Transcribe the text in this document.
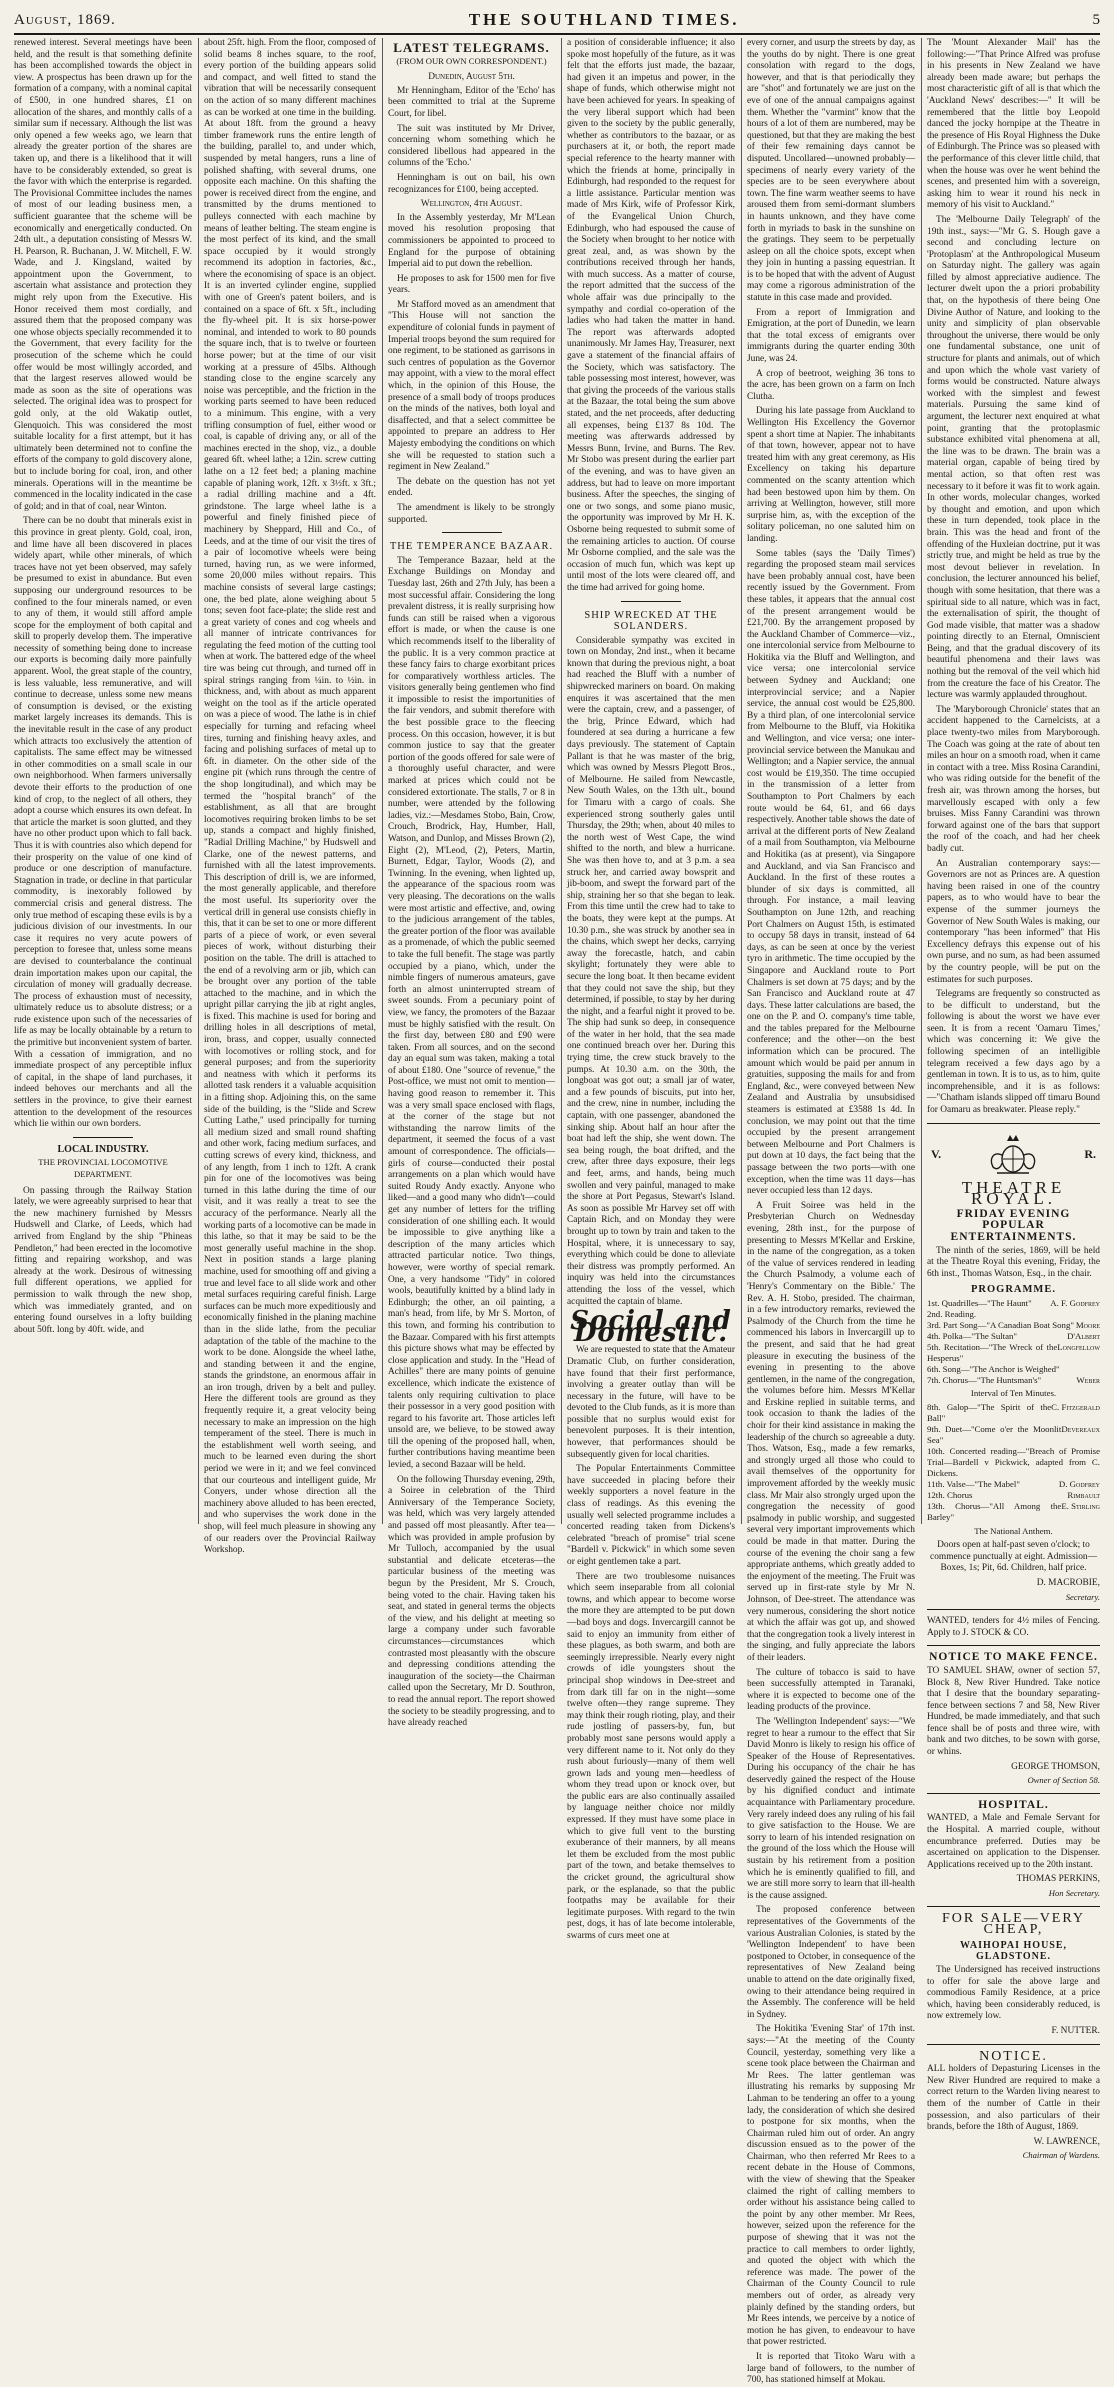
August, 1869.	THE SOUTHLAND TIMES.	5

renewed interest. Several meetings have been held, and the result is that something definite has been accomplished towards the object in view. A prospectus has been drawn up for the formation of a company, with a nominal capital of £500, in one hundred shares, £1 on allocation of the shares, and monthly calls of a similar sum if necessary. Although the list was only opened a few weeks ago, we learn that already the greater portion of the shares are taken up, and there is a likelihood that it will have to be considerably extended, so great is the favor with which the enterprise is regarded. The Provisional Committee includes the names of most of our leading business men, a sufficient guarantee that the scheme will be economically and energetically conducted. On 24th ult., a deputation consisting of Messrs W. H. Pearson, R. Buchanan, J. W. Mitchell, F. W. Wade, and J. Kingsland, waited by appointment upon the Government, to ascertain what assistance and protection they might rely upon from the Executive. His Honor received them most cordially, and assured them that the proposed company was one whose objects specially recommended it to the Government, that every facility for the prosecution of the scheme which he could offer would be most willingly accorded, and that the largest reserves allowed would be made as soon as the site of operations was selected. The original idea was to prospect for gold only, at the old Wakatip outlet, Glenquoich. This was considered the most suitable locality for a first attempt, but it has ultimately been determined not to confine the efforts of the company to gold discovery alone, but to include boring for coal, iron, and other minerals. Operations will in the meantime be commenced in the locality indicated in the case of gold; and in that of coal, near Winton.

There can be no doubt that minerals exist in this province in great plenty. Gold, coal, iron, and lime have all been discovered in places widely apart, while other minerals, of which traces have not yet been observed, may safely be presumed to exist in abundance. But even supposing our underground resources to be confined to the four minerals named, or even to any of them, it would still afford ample scope for the employment of both capital and skill to properly develop them. The imperative necessity of something being done to increase our exports is becoming daily more painfully apparent. Wool, the great staple of the country, is less valuable, less remunerative, and will continue to decrease, unless some new means of consumption is devised, or the existing market largely increases its demands. This is the inevitable result in the case of any product which attracts too exclusively the attention of capitalists. The same effect may be witnessed in other commodities on a small scale in our own neighborhood. When farmers universally devote their efforts to the production of one kind of crop, to the neglect of all others, they adopt a course which ensures its own defeat. In that article the market is soon glutted, and they have no other product upon which to fall back. Thus it is with countries also which depend for their prosperity on the value of one kind of produce or one description of manufacture. Stagnation in trade, or decline in that particular commodity, is inexorably followed by commercial crisis and general distress. The only true method of escaping these evils is by a judicious division of our investments. In our case it requires no very acute powers of perception to foresee that, unless some means are devised to counterbalance the continual drain importation makes upon our capital, the circulation of money will gradually decrease. The process of exhaustion must of necessity, ultimately reduce us to absolute distress; or a rude existence upon such of the necessaries of life as may be locally obtainable by a return to the primitive but inconvenient system of barter. With a cessation of immigration, and no immediate prospect of any perceptible influx of capital, in the shape of land purchases, it indeed behoves our merchants and all the settlers in the province, to give their earnest attention to the development of the resources which lie within our own borders.

LOCAL INDUSTRY.
THE PROVINCIAL LOCOMOTIVE DEPARTMENT.

On passing through the Railway Station lately, we were agreeably surprised to hear that the new machinery furnished by Messrs Hudswell and Clarke, of Leeds, which had arrived from England by the ship "Phineas Pendleton," had been erected in the locomotive fitting and repairing workshop, and was already at the work. Desirous of witnessing full different operations, we applied for permission to walk through the new shop, which was immediately granted, and on entering found ourselves in a lofty building about 50ft. long by 40ft. wide, and

about 25ft. high. From the floor, composed of solid beams 8 inches square, to the roof, every portion of the building appears solid and compact, and well fitted to stand the vibration that will be necessarily consequent on the action of so many different machines as can be worked at one time in the building. At about 18ft. from the ground a heavy timber framework runs the entire length of the building, parallel to, and under which, suspended by metal hangers, runs a line of polished shafting, with several drums, one opposite each machine. On this shafting the power is received direct from the engine, and transmitted by the drums mentioned to pulleys connected with each machine by means of leather belting. The steam engine is the most perfect of its kind, and the small space occupied by it would strongly recommend its adoption in factories, &c., where the economising of space is an object. It is an inverted cylinder engine, supplied with one of Green's patent boilers, and is contained on a space of 6ft. x 5ft., including the fly-wheel pit. It is six horse-power nominal, and intended to work to 80 pounds the square inch, that is to twelve or fourteen horse power; but at the time of our visit working at a pressure of 45lbs. Although standing close to the engine scarcely any noise was perceptible, and the friction in the working parts seemed to have been reduced to a minimum. This engine, with a very trifling consumption of fuel, either wood or coal, is capable of driving any, or all of the machines erected in the shop, viz., a double geared 6ft. wheel lathe; a 12in. screw cutting lathe on a 12 feet bed; a planing machine capable of planing work, 12ft. x 3½ft. x 3ft.; a radial drilling machine and a 4ft. grindstone. The large wheel lathe is a powerful and finely finished piece of machinery by Sheppard, Hill and Co., of Leeds, and at the time of our visit the tires of a pair of locomotive wheels were being turned, having run, as we were informed, some 20,000 miles without repairs. This machine consists of several large castings; one, the bed plate, alone weighing about 5 tons; seven foot face-plate; the slide rest and a great variety of cones and cog wheels and all manner of intricate contrivances for regulating the feed motion of the cutting tool when at work. The battered edge of the wheel tire was being cut through, and turned off in spiral strings ranging from ¼in. to ½in. in thickness, and, with about as much apparent weight on the tool as if the article operated on was a piece of wood. The lathe is in chief especially for turning and refacing wheel tires, turning and finishing heavy axles, and facing and polishing surfaces of metal up to 6ft. in diameter. On the other side of the engine pit (which runs through the centre of the shop longitudinal), and which may be termed the "hospital branch" of the establishment, as all that are brought locomotives requiring broken limbs to be set up, stands a compact and highly finished, "Radial Drilling Machine," by Hudswell and Clarke, one of the newest patterns, and furnished with all the latest improvements. This description of drill is, we are informed, the most generally applicable, and therefore the most useful. Its superiority over the vertical drill in general use consists chiefly in this, that it can be set to one or more different parts of a piece of work, or even several pieces of work, without disturbing their position on the table. The drill is attached to the end of a revolving arm or jib, which can be brought over any portion of the table attached to the machine, and in which the upright pillar carrying the jib at right angles, is fixed. This machine is used for boring and drilling holes in all descriptions of metal, iron, brass, and copper, usually connected with locomotives or rolling stock, and for general purposes; and from the superiority and neatness with which it performs its allotted task renders it a valuable acquisition in a fitting shop. Adjoining this, on the same side of the building, is the "Slide and Screw Cutting Lathe," used principally for turning all medium sized and small round shafting and other work, facing medium surfaces, and cutting screws of every kind, thickness, and of any length, from 1 inch to 12ft. A crank pin for one of the locomotives was being turned in this lathe during the time of our visit, and it was really a treat to see the accuracy of the performance. Nearly all the working parts of a locomotive can be made in this lathe, so that it may be said to be the most generally useful machine in the shop. Next in position stands a large planing machine, used for smoothing off and giving a true and level face to all slide work and other metal surfaces requiring careful finish. Large surfaces can be much more expeditiously and economically finished in the planing machine than in the slide lathe, from the peculiar adaptation of the table of the machine to the work to be done. Alongside the wheel lathe, and standing between it and the engine, stands the grindstone, an enormous affair in an iron trough, driven by a belt and pulley. Here the different tools are ground as they frequently require it, a great velocity being necessary to make an impression on the high temperament of the steel. There is much in the establishment well worth seeing, and much to be learned even during the short period we were in it; and we feel convinced that our courteous and intelligent guide, Mr Conyers, under whose direction all the machinery above alluded to has been erected, and who supervises the work done in the shop, will feel much pleasure in showing any of our readers over the Provincial Railway Workshop.

LATEST TELEGRAMS.
(FROM OUR OWN CORRESPONDENT.)
Dunedin, August 5th.

Mr Henningham, Editor of the 'Echo' has been committed to trial at the Supreme Court, for libel.

The suit was instituted by Mr Driver, concerning whom something which he considered libellous had appeared in the columns of the 'Echo.'

Henningham is out on bail, his own recognizances for £100, being accepted.

Wellington, 4th August.

In the Assembly yesterday, Mr M'Lean moved his resolution proposing that commissioners be appointed to proceed to England for the purpose of obtaining Imperial aid to put down the rebellion.

He proposes to ask for 1500 men for five years.

Mr Stafford moved as an amendment that "This House will not sanction the expenditure of colonial funds in payment of Imperial troops beyond the sum required for one regiment, to be stationed as garrisons in such centres of population as the Governor may appoint, with a view to the moral effect which, in the opinion of this House, the presence of a small body of troops produces on the minds of the natives, both loyal and disaffected, and that a select committee be appointed to prepare an address to Her Majesty embodying the conditions on which she will be requested to station such a regiment in New Zealand."

The debate on the question has not yet ended.

The amendment is likely to be strongly supported.

THE TEMPERANCE BAZAAR.

The Temperance Bazaar, held at the Exchange Buildings on Monday and Tuesday last, 26th and 27th July, has been a most successful affair. Considering the long prevalent distress, it is really surprising how funds can still be raised when a vigorous effort is made, or when the cause is one which recommends itself to the liberality of the public. It is a very common practice at these fancy fairs to charge exorbitant prices for comparatively worthless articles. The visitors generally being gentlemen who find it impossible to resist the importunities of the fair vendors, and submit therefore with the best possible grace to the fleecing process. On this occasion, however, it is but common justice to say that the greater portion of the goods offered for sale were of a thoroughly useful character, and were marked at prices which could not be considered extortionate. The stalls, 7 or 8 in number, were attended by the following ladies, viz.:—Mesdames Stobo, Bain, Crow, Crouch, Brodrick, Hay, Humber, Hall, Watson, and Dunlop, and Misses Brown (2), Eight (2), M'Leod, (2), Peters, Martin, Burnett, Edgar, Taylor, Woods (2), and Twinning. In the evening, when lighted up, the appearance of the spacious room was very pleasing. The decorations on the walls were most artistic and effective, and, owing to the judicious arrangement of the tables, the greater portion of the floor was available as a promenade, of which the public seemed to take the full benefit. The stage was partly occupied by a piano, which, under the nimble fingers of numerous amateurs, gave forth an almost uninterrupted stream of sweet sounds. From a pecuniary point of view, we fancy, the promoters of the Bazaar must be highly satisfied with the result. On the first day, between £80 and £90 were taken. From all sources, and on the second day an equal sum was taken, making a total of about £180. One "source of revenue," the Post-office, we must not omit to mention—having good reason to remember it. This was a very small space enclosed with flags, at the corner of the stage but not withstanding the narrow limits of the department, it seemed the focus of a vast amount of correspondence. The officials—girls of course—conducted their postal arrangements on a plan which would have suited Roudy Andy exactly. Anyone who liked—and a good many who didn't—could get any number of letters for the trifling consideration of one shilling each. It would be impossible to give anything like a description of the many articles which attracted particular notice. Two things, however, were worthy of special remark. One, a very handsome "Tidy" in colored wools, beautifully knitted by a blind lady in Edinburgh; the other, an oil painting, a man's head, from life, by Mr S. Morton, of this town, and forming his contribution to the Bazaar. Compared with his first attempts this picture shows what may be effected by close application and study. In the "Head of Achilles" there are many points of genuine excellence, which indicate the existence of talents only requiring cultivation to place their possessor in a very good position with regard to his favorite art. Those articles left unsold are, we believe, to be stowed away till the opening of the proposed hall, when, further contributions having meantime been levied, a second Bazaar will be held.

On the following Thursday evening, 29th, a Soiree in celebration of the Third Anniversary of the Temperance Society, was held, which was very largely attended and passed off most pleasantly. After tea—which was provided in ample profusion by Mr Tulloch, accompanied by the usual substantial and delicate etceteras—the particular business of the meeting was begun by the President, Mr S. Crouch, being voted to the chair. Having taken his seat, and stated in general terms the objects of the view, and his delight at meeting so large a company under such favorable circumstances—circumstances which contrasted most pleasantly with the obscure and depressing conditions attending the inauguration of the society—the Chairman called upon the Secretary, Mr D. Southron, to read the annual report. The report showed the society to be steadily progressing, and to have already reached

a position of considerable influence; it also spoke most hopefully of the future, as it was felt that the efforts just made, the bazaar, had given it an impetus and power, in the shape of funds, which otherwise might not have been achieved for years. In speaking of the very liberal support which had been given to the society by the public generally, whether as contributors to the bazaar, or as purchasers at it, or both, the report made special reference to the hearty manner with which the friends at home, principally in Edinburgh, had responded to the request for a little assistance. Particular mention was made of Mrs Kirk, wife of Professor Kirk, of the Evangelical Union Church, Edinburgh, who had espoused the cause of the Society when brought to her notice with great zeal, and, as was shown by the contributions received through her hands, with much success. As a matter of course, the report admitted that the success of the whole affair was due principally to the sympathy and cordial co-operation of the ladies who had taken the matter in hand. The report was afterwards adopted unanimously. Mr James Hay, Treasurer, next gave a statement of the financial affairs of the Society, which was satisfactory. The table possessing most interest, however, was that giving the proceeds of the various stalls at the Bazaar, the total being the sum above stated, and the net proceeds, after deducting all expenses, being £137 8s 10d. The meeting was afterwards addressed by Messrs Bunn, Irvine, and Burns. The Rev. Mr Stobo was present during the earlier part of the evening, and was to have given an address, but had to leave on more important business. After the speeches, the singing of one or two songs, and some piano music, the opportunity was improved by Mr H. K. Osborne being requested to submit some of the remaining articles to auction. Of course Mr Osborne complied, and the sale was the occasion of much fun, which was kept up until most of the lots were cleared off, and the time had arrived for going home.

SHIP WRECKED AT THE SOLANDERS.

Considerable sympathy was excited in town on Monday, 2nd inst., when it became known that during the previous night, a boat had reached the Bluff with a number of shipwrecked mariners on board. On making enquires it was ascertained that the men were the captain, crew, and a passenger, of the brig, Prince Edward, which had foundered at sea during a hurricane a few days previously. The statement of Captain Pallant is that he was master of the brig, which was owned by Messrs Plegott Bros., of Melbourne. He sailed from Newcastle, New South Wales, on the 13th ult., bound for Timaru with a cargo of coals. She experienced strong southerly gales until Thursday, the 29th; when, about 40 miles to the north west of West Cape, the wind shifted to the north, and blew a hurricane. She was then hove to, and at 3 p.m. a sea struck her, and carried away bowsprit and jib-boom, and swept the forward part of the ship, straining her so that she began to leak. From this time until the crew had to take to the boats, they were kept at the pumps. At 10.30 p.m., she was struck by another sea in the chains, which swept her decks, carrying away the forecastle, hatch, and cabin skylight; fortunately they were able to secure the long boat. It then became evident that they could not save the ship, but they determined, if possible, to stay by her during the night, and a fearful night it proved to be. The ship had sunk so deep, in consequence of the water in her hold, that the sea made one continued breach over her. During this trying time, the crew stuck bravely to the pumps. At 10.30 a.m. on the 30th, the longboat was got out; a small jar of water, and a few pounds of biscuits, put into her, and the crew, nine in number, including the captain, with one passenger, abandoned the sinking ship. About half an hour after the boat had left the ship, she went down. The sea being rough, the boat drifted, and the crew, after three days exposure, their legs and feet, arms, and hands, being much swollen and very painful, managed to make the shore at Port Pegasus, Stewart's Island. As soon as possible Mr Harvey set off with Captain Rich, and on Monday they were brought up to town by train and taken to the Hospital, where, it is unnecessary to say, everything which could be done to alleviate their distress was promptly performed. An inquiry was held into the circumstances attending the loss of the vessel, which acquitted the captain of blame.

Social and Domestic.

We are requested to state that the Amateur Dramatic Club, on further consideration, have found that their first performance, involving a greater outlay than will be necessary in the future, will have to be devoted to the Club funds, as it is more than possible that no surplus would exist for benevolent purposes. It is their intention, however, that performances should be subsequently given for local charities.

The Popular Entertainments Committee have succeeded in placing before their weekly supporters a novel feature in the class of readings. As this evening the usually well selected programme includes a concerted reading taken from Dickens's celebrated "breach of promise" trial scene "Bardell v. Pickwick" in which some seven or eight gentlemen take a part.

There are two troublesome nuisances which seem inseparable from all colonial towns, and which appear to become worse the more they are attempted to be put down—bad boys and dogs. Invercargill cannot be said to enjoy an immunity from either of these plagues, as both swarm, and both are seemingly irrepressible. Nearly every night crowds of idle youngsters shout the principal shop windows in Dee-street and from dark till far on in the night—some twelve often—they range supreme. They may think their rough rioting, play, and their rude jostling of passers-by, fun, but probably most sane persons would apply a very different name to it. Not only do they rush about furiously—many of them well grown lads and young men—heedless of whom they tread upon or knock over, but the public ears are also continually assailed by language neither choice nor mildly expressed. If they must have some place in which to give full vent to the bursting exuberance of their manners, by all means let them be excluded from the most public part of the town, and betake themselves to the cricket ground, the agricultural show park, or the esplanade, so that the public footpaths may be available for their legitimate purposes. With regard to the twin pest, dogs, it has of late become intolerable, swarms of curs meet one at

every corner, and usurp the streets by day, as the youths do by night. There is one great consolation with regard to the dogs, however, and that is that periodically they are "shot" and fortunately we are just on the eve of one of the annual campaigns against them. Whether the "varmint" know that the hours of a lot of them are numbered, may be questioned, but that they are making the best of their few remaining days cannot be disputed. Uncollared—unowned probably—specimens of nearly every variety of the species are to be seen everywhere about town. The fine warm weather seems to have aroused them from semi-dormant slumbers in haunts unknown, and they have come forth in myriads to bask in the sunshine on the gratings. They seem to be perpetually asleep on all the choice spots, except when they join in hunting a passing equestrian. It is to be hoped that with the advent of August may come a rigorous administration of the statute in this case made and provided.

From a report of Immigration and Emigration, at the port of Dunedin, we learn that the total excess of emigrants over immigrants during the quarter ending 30th June, was 24.

A crop of beetroot, weighing 36 tons to the acre, has been grown on a farm on Inch Clutha.

During his late passage from Auckland to Wellington His Excellency the Governor spent a short time at Napier. The inhabitants of that town, however, appear not to have treated him with any great ceremony, as His Excellency on taking his departure commented on the scanty attention which had been bestowed upon him by them. On arriving at Wellington, however, still more surprise him, as, with the exception of the solitary policeman, no one saluted him on landing.

Some tables (says the 'Daily Times') regarding the proposed steam mail services have been probably annual cost, have been recently issued by the Government. From these tables, it appears that the annual cost of the present arrangement would be £21,700. By the arrangement proposed by the Auckland Chamber of Commerce—viz., one intercolonial service from Melbourne to Hokitika via the Bluff and Wellington, and vice versa; one intercolonial service between Sydney and Auckland; one interprovincial service; and a Napier service, the annual cost would be £25,800. By a third plan, of one intercolonial service from Melbourne to the Bluff, via Hokitika and Wellington, and vice versa; one inter-provincial service between the Manukau and Wellington; and a Napier service, the annual cost would be £19,350. The time occupied in the transmission of a letter from Southampton to Port Chalmers by each route would be 64, 61, and 66 days respectively. Another table shows the date of arrival at the different ports of New Zealand of a mail from Southampton, via Melbourne and Hokitika (as at present), via Singapore and Auckland, and via San Francisco and Auckland. In the first of these routes a blunder of six days is committed, all through. For instance, a mail leaving Southampton on June 12th, and reaching Port Chalmers on August 15th, is estimated to occupy 58 days in transit, instead of 64 days, as can be seen at once by the veriest tyro in arithmetic. The time occupied by the Singapore and Auckland route to Port Chalmers is set down at 75 days; and by the San Francisco and Auckland route at 47 days. These latter calculations are based, the one on the P. and O. company's time table, and the tables prepared for the Melbourne conference; and the other—on the best information which can be procured. The amount which would be paid per annum in gratuities, supposing the mails for and from England, &c., were conveyed between New Zealand and Australia by unsubsidised steamers is estimated at £3588 1s 4d. In conclusion, we may point out that the time occupied by the present arrangement between Melbourne and Port Chalmers is put down at 10 days, the fact being that the passage between the two ports—with one exception, when the time was 11 days—has never occupied less than 12 days.

A Fruit Soiree was held in the Presbyterian Church on Wednesday evening, 28th inst., for the purpose of presenting to Messrs M'Kellar and Erskine, in the name of the congregation, as a token of the value of services rendered in leading the Church Psalmody, a volume each of 'Henry's Commentary on the Bible.' The Rev. A. H. Stobo, presided. The chairman, in a few introductory remarks, reviewed the Psalmody of the Church from the time he commenced his labors in Invercargill up to the present, and said that he had great pleasure in executing the business of the evening in presenting to the above gentlemen, in the name of the congregation, the volumes before him. Messrs M'Kellar and Erskine replied in suitable terms, and took occasion to thank the ladies of the choir for their kind assistance in making the leadership of the church so agreeable a duty. Thos. Watson, Esq., made a few remarks, and strongly urged all those who could to avail themselves of the opportunity for improvement afforded by the weekly music class. Mr Mair also strongly urged upon the congregation the necessity of good psalmody in public worship, and suggested several very important improvements which could be made in that matter. During the course of the evening the choir sang a few appropriate anthems, which greatly added to the enjoyment of the meeting. The Fruit was served up in first-rate style by Mr N. Johnson, of Dee-street. The attendance was very numerous, considering the short notice at which the affair was got up, and showed that the congregation took a lively interest in the singing, and fully appreciate the labors of their leaders.

The culture of tobacco is said to have been successfully attempted in Taranaki, where it is expected to become one of the leading products of the province.

The 'Wellington Independent' says:—"We regret to hear a rumour to the effect that Sir David Monro is likely to resign his office of Speaker of the House of Representatives. During his occupancy of the chair he has deservedly gained the respect of the House by his dignified conduct and intimate acquaintance with Parliamentary procedure. Very rarely indeed does any ruling of his fail to give satisfaction to the House. We are sorry to learn of his intended resignation on the ground of the loss which the House will sustain by his retirement from a position which he is eminently qualified to fill, and we are still more sorry to learn that ill-health is the cause assigned.

The proposed conference between representatives of the Governments of the various Australian Colonies, is stated by the 'Wellington Independent' to have been postponed to October, in consequence of the representatives of New Zealand being unable to attend on the date originally fixed, owing to their attendance being required in the Assembly. The conference will be held in Sydney.

The Hokitika 'Evening Star' of 17th inst. says:—"At the meeting of the County Council, yesterday, something very like a scene took place between the Chairman and Mr Rees. The latter gentleman was illustrating his remarks by supposing Mr Lahman to be tendering an offer to a young lady, the consideration of which she desired to postpone for six months, when the Chairman ruled him out of order. An angry discussion ensued as to the power of the Chairman, who then referred Mr Rees to a recent debate in the House of Commons, with the view of shewing that the Speaker claimed the right of calling members to order without his assistance being called to the point by any other member. Mr Rees, however, seized upon the reference for the purpose of shewing that it was not the practice to call members to order lightly, and quoted the object with which the reference was made. The power of the Chairman of the County Council to rule members out of order, as already very plainly defined by the standing orders, but Mr Rees intends, we perceive by a notice of motion he has given, to endeavour to have that power restricted.

It is reported that Titoko Waru with a large band of followers, to the number of 700, has stationed himself at Mokau.

The 'Mount Alexander Mail' has the following:—"That Prince Alfred was profuse in his presents in New Zealand we have already been made aware; but perhaps the most characteristic gift of all is that which the 'Auckland News' describes:—" It will be remembered that the little boy Leopold danced the jocky hornpipe at the Theatre in the presence of His Royal Highness the Duke of Edinburgh. The Prince was so pleased with the performance of this clever little child, that when the house was over he went behind the scenes, and presented him with a sovereign, asking him to wear it round his neck in memory of his visit to Auckland."

The 'Melbourne Daily Telegraph' of the 19th inst., says:—"Mr G. S. Hough gave a second and concluding lecture on 'Protoplasm' at the Anthropological Museum on Saturday night. The gallery was again filled by almost appreciative audience. The lecturer dwelt upon the a priori probability that, on the hypothesis of there being One Divine Author of Nature, and looking to the unity and simplicity of plan observable throughout the universe, there would be only one fundamental substance, one unit of structure for plants and animals, out of which and upon which the whole vast variety of forms would be constructed. Nature always worked with the simplest and fewest materials. Pursuing the same kind of argument, the lecturer next enquired at what point, granting that the protoplasmic substance exhibited vital phenomena at all, the line was to be drawn. The brain was a material organ, capable of being tired by mental action, so that often rest was necessary to it before it was fit to work again. In other words, molecular changes, worked by thought and emotion, and upon which these in turn depended, took place in the brain. This was the head and front of the offending of the Huxleian doctrine, put it was strictly true, and might be held as true by the most devout believer in revelation. In conclusion, the lecturer announced his belief, though with some hesitation, that there was a spiritual side to all nature, which was in fact, the externalisation of spirit, the thought of God made visible, that matter was a shadow pointing directly to an Eternal, Omniscient Being, and that the gradual discovery of its beautiful phenomena and their laws was nothing but the removal of the veil which hid from the creature the face of his Creator. The lecture was warmly applauded throughout.

The 'Maryborough Chronicle' states that an accident happened to the Carnelcists, at a place twenty-two miles from Maryborough. The Coach was going at the rate of about ten miles an hour on a smooth road, when it came in contact with a tree. Miss Rosina Carandini, who was riding outside for the benefit of the fresh air, was thrown among the horses, but marvellously escaped with only a few bruises. Miss Fanny Carandini was thrown forward against one of the bars that support the roof of the coach, and had her cheek badly cut.

An Australian contemporary says:—Governors are not as Princes are. A question having been raised in one of the country papers, as to who would have to bear the expense of the summer journeys the Governor of New South Wales is making, our contemporary "has been informed" that His Excellency defrays this expense out of his own purse, and no sum, as had been assumed by the country people, will be put on the estimates for such purposes.

Telegrams are frequently so constructed as to be difficult to understand, but the following is about the worst we have ever seen. It is from a recent 'Oamaru Times,' which was concerning it: We give the following specimen of an intelligible telegram received a few days ago by a gentleman in town. It is to us, as to him, quite incomprehensible, and it is as follows:—"Chatham islands slipped off timaru Bound for Oamaru as breakwater. Please reply."

V.	R.
THEATRE ROYAL.
FRIDAY EVENING POPULAR ENTERTAINMENTS.

The ninth of the series, 1869, will be held at the Theatre Royal this evening, Friday, the 6th inst., Thomas Watson, Esq., in the chair.

PROGRAMME.
1st. Quadrilles—"The Haunt"	A. F. Godfrey
2nd. Reading.
3rd. Part Song—"A Canadian Boat Song" Moore
4th. Polka—"The Sultan"	D'Albert
5th. Recitation—"The Wreck of the Hesperus"
Longfellow
6th. Song—"The Anchor is Weighed"
7th. Chorus—"The Huntsman's"	Weber
Interval of Ten Minutes.
8th. Galop—"The Spirit of the Ball"
C. Fitzgerald
9th. Duet—"Come o'er the Moonlit Sea"
Devereaux
10th. Concerted reading—"Breach of Promise Trial—Bardell v Pickwick, adapted from C. Dickens.
11th. Valse—"The Mabel"	D. Godfrey
12th. Chorus	Rimbault
13th. Chorus—"All Among the Barley"
E. Stirling
The National Anthem.

Doors open at half-past seven o'clock; to commence punctually at eight. Admission—Boxes, 1s; Pit, 6d. Children, half price.

D. MACROBIE,
Secretary.

WANTED, tenders for 4½ miles of Fencing. Apply to J. STOCK & CO.

NOTICE TO MAKE FENCE.

TO SAMUEL SHAW, owner of section 57, Block 8, New River Hundred. Take notice that I desire that the boundary separating-fence between sections 7 and 58, New River Hundred, be made immediately, and that such fence shall be of posts and three wire, with bank and two ditches, to be sown with gorse, or whins.

GEORGE THOMSON,
Owner of Section 58.
HOSPITAL.

WANTED, a Male and Female Servant for the Hospital. A married couple, without encumbrance preferred. Duties may be ascertained on application to the Dispenser. Applications received up to the 20th instant.

THOMAS PERKINS,
Hon Secretary.
FOR SALE—VERY CHEAP,
WAIHOPAI HOUSE, GLADSTONE.

The Undersigned has received instructions to offer for sale the above large and commodious Family Residence, at a price which, having been considerably reduced, is now extremely low.

F. NUTTER.
NOTICE.

ALL holders of Depasturing Licenses in the New River Hundred are required to make a correct return to the Warden living nearest to them of the number of Cattle in their possession, and also particulars of their brands, before the 18th of August, 1869.

W. LAWRENCE,
Chairman of Wardens.
